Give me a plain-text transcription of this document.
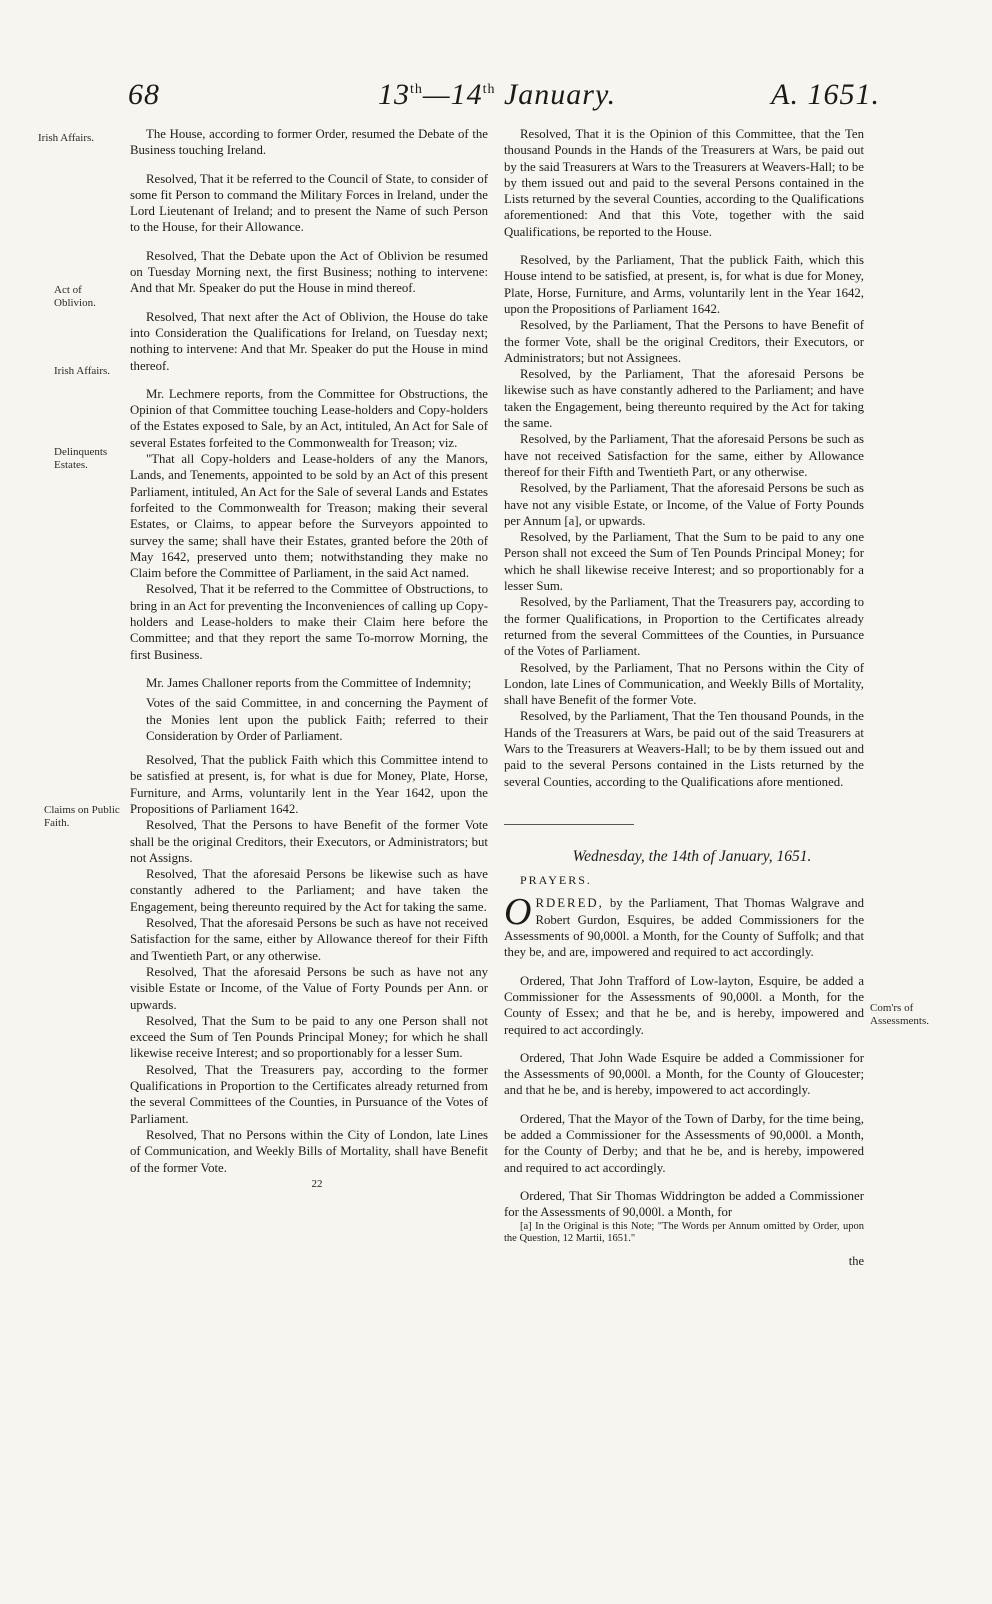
68	13th—14th January.	A. 1651.
Irish Affairs.
Act of Oblivion.
Irish Affairs.
Delinquents Estates.
Claims on Public Faith.
Com'rs of Assessments.

The House, according to former Order, resumed the Debate of the Business touching Ireland.

Resolved, That it be referred to the Council of State, to consider of some fit Person to command the Military Forces in Ireland, under the Lord Lieutenant of Ireland; and to present the Name of such Person to the House, for their Allowance.

Resolved, That the Debate upon the Act of Oblivion be resumed on Tuesday Morning next, the first Business; nothing to intervene: And that Mr. Speaker do put the House in mind thereof.

Resolved, That next after the Act of Oblivion, the House do take into Consideration the Qualifications for Ireland, on Tuesday next; nothing to intervene: And that Mr. Speaker do put the House in mind thereof.

Mr. Lechmere reports, from the Committee for Obstructions, the Opinion of that Committee touching Lease-holders and Copy-holders of the Estates exposed to Sale, by an Act, intituled, An Act for Sale of several Estates forfeited to the Commonwealth for Treason; viz.

"That all Copy-holders and Lease-holders of any the Manors, Lands, and Tenements, appointed to be sold by an Act of this present Parliament, intituled, An Act for the Sale of several Lands and Estates forfeited to the Commonwealth for Treason; making their several Estates, or Claims, to appear before the Surveyors appointed to survey the same; shall have their Estates, granted before the 20th of May 1642, preserved unto them; notwithstanding they make no Claim before the Committee of Parliament, in the said Act named.

Resolved, That it be referred to the Committee of Obstructions, to bring in an Act for preventing the Inconveniences of calling up Copy-holders and Lease-holders to make their Claim here before the Committee; and that they report the same To-morrow Morning, the first Business.

Mr. James Challoner reports from the Committee of Indemnity;

Votes of the said Committee, in and concerning the Payment of the Monies lent upon the publick Faith; referred to their Consideration by Order of Parliament.

Resolved, That the publick Faith which this Committee intend to be satisfied at present, is, for what is due for Money, Plate, Horse, Furniture, and Arms, voluntarily lent in the Year 1642, upon the Propositions of Parliament 1642.

Resolved, That the Persons to have Benefit of the former Vote shall be the original Creditors, their Executors, or Administrators; but not Assigns.

Resolved, That the aforesaid Persons be likewise such as have constantly adhered to the Parliament; and have taken the Engagement, being thereunto required by the Act for taking the same.

Resolved, That the aforesaid Persons be such as have not received Satisfaction for the same, either by Allowance thereof for their Fifth and Twentieth Part, or any otherwise.

Resolved, That the aforesaid Persons be such as have not any visible Estate or Income, of the Value of Forty Pounds per Ann. or upwards.

Resolved, That the Sum to be paid to any one Person shall not exceed the Sum of Ten Pounds Principal Money; for which he shall likewise receive Interest; and so proportionably for a lesser Sum.

Resolved, That the Treasurers pay, according to the former Qualifications in Proportion to the Certificates already returned from the several Committees of the Counties, in Pursuance of the Votes of Parliament.

Resolved, That no Persons within the City of London, late Lines of Communication, and Weekly Bills of Mortality, shall have Benefit of the former Vote.

22

Resolved, That it is the Opinion of this Committee, that the Ten thousand Pounds in the Hands of the Treasurers at Wars, be paid out by the said Treasurers at Wars to the Treasurers at Weavers-Hall; to be by them issued out and paid to the several Persons contained in the Lists returned by the several Counties, according to the Qualifications aforementioned: And that this Vote, together with the said Qualifications, be reported to the House.

Resolved, by the Parliament, That the publick Faith, which this House intend to be satisfied, at present, is, for what is due for Money, Plate, Horse, Furniture, and Arms, voluntarily lent in the Year 1642, upon the Propositions of Parliament 1642.

Resolved, by the Parliament, That the Persons to have Benefit of the former Vote, shall be the original Creditors, their Executors, or Administrators; but not Assignees.

Resolved, by the Parliament, That the aforesaid Persons be likewise such as have constantly adhered to the Parliament; and have taken the Engagement, being thereunto required by the Act for taking the same.

Resolved, by the Parliament, That the aforesaid Persons be such as have not received Satisfaction for the same, either by Allowance thereof for their Fifth and Twentieth Part, or any otherwise.

Resolved, by the Parliament, That the aforesaid Persons be such as have not any visible Estate, or Income, of the Value of Forty Pounds per Annum [a], or upwards.

Resolved, by the Parliament, That the Sum to be paid to any one Person shall not exceed the Sum of Ten Pounds Principal Money; for which he shall likewise receive Interest; and so proportionably for a lesser Sum.

Resolved, by the Parliament, That the Treasurers pay, according to the former Qualifications, in Proportion to the Certificates already returned from the several Committees of the Counties, in Pursuance of the Votes of Parliament.

Resolved, by the Parliament, That no Persons within the City of London, late Lines of Communication, and Weekly Bills of Mortality, shall have Benefit of the former Vote.

Resolved, by the Parliament, That the Ten thousand Pounds, in the Hands of the Treasurers at Wars, be paid out of the said Treasurers at Wars to the Treasurers at Weavers-Hall; to be by them issued out and paid to the several Persons contained in the Lists returned by the several Counties, according to the Qualifications afore mentioned.

Wednesday, the 14th of January, 1651.

PRAYERS.

ORDERED, by the Parliament, That Thomas Walgrave and Robert Gurdon, Esquires, be added Commissioners for the Assessments of 90,000l. a Month, for the County of Suffolk; and that they be, and are, impowered and required to act accordingly.

Ordered, That John Trafford of Low-layton, Esquire, be added a Commissioner for the Assessments of 90,000l. a Month, for the County of Essex; and that he be, and is hereby, impowered and required to act accordingly.

Ordered, That John Wade Esquire be added a Commissioner for the Assessments of 90,000l. a Month, for the County of Gloucester; and that he be, and is hereby, impowered to act accordingly.

Ordered, That the Mayor of the Town of Darby, for the time being, be added a Commissioner for the Assessments of 90,000l. a Month, for the County of Derby; and that he be, and is hereby, impowered and required to act accordingly.

Ordered, That Sir Thomas Widdrington be added a Commissioner for the Assessments of 90,000l. a Month, for

[a] In the Original is this Note; "The Words per Annum omitted by Order, upon the Question, 12 Martii, 1651."

the
